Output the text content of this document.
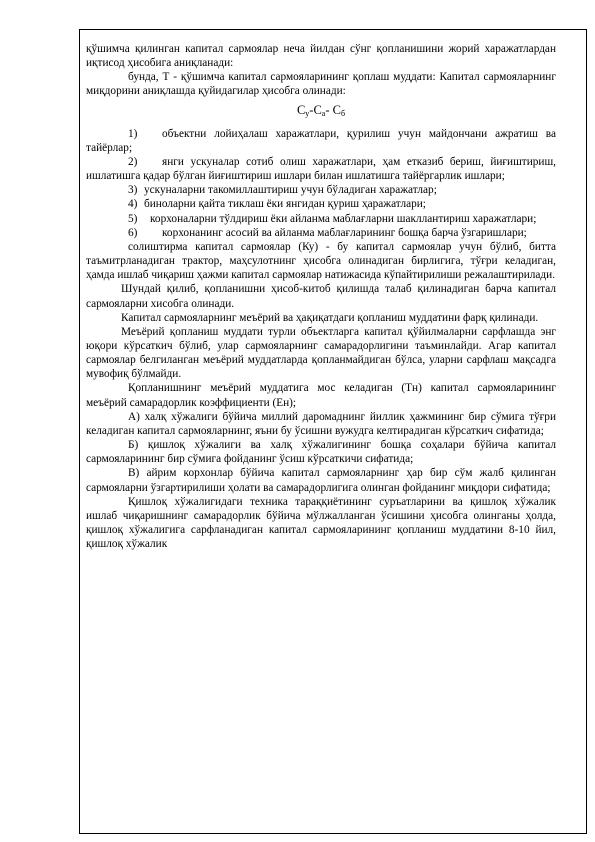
қўшимча қилинган капитал сармоялар неча йилдан сўнг қопланишини жорий харажатлардан иқтисод ҳисобига аниқланади:

бунда, Т - қўшимча капитал сармояларининг қоплаш муддати: Капитал сармояларнинг миқдорини аниқлашда қуйидагилар ҳисобга олинади:

$С_у-С_а-$ $С_б$

1) объектни лойиҳалаш харажатлари, қурилиш учун майдончани ажратиш ва тайёрлар;

2) янги ускуналар сотиб олиш харажатлари, ҳам етказиб бериш, йиғиштириш, ишлатишга қадар бўлган йиғиштириш ишлари билан ишлатишга тайёргарлик ишлари;

3) ускуналарни такомиллаштириш учун бўладиган харажатлар;

4) биноларни қайта тиклаш ёки янгидан қуриш ҳаражатлари;

5) корхоналарни тўлдириш ёки айланма маблағларни шакллантириш харажатлари;

6) корхонанинг асосий ва айланма маблағларининг бошқа барча ўзгаришлари;

солиштирма капитал сармоялар (Ку) - бу капитал сармоялар учун бўлиб, битта таъмитрланадиган трактор, маҳсулотнинг ҳисобга олинадиган бирлигига, тўғри келадиган, ҳамда ишлаб чиқариш ҳажми капитал сармоялар натижасида кўпайтирилиши режалаштирилади.

Шундай қилиб, қопланишни ҳисоб-китоб қилишда талаб қилинадиган барча капитал сармояларни хисобга олинади.

Капитал сармояларнинг меъёрий ва ҳақиқатдаги қопланиш муддатини фарқ қилинади.

Меъёрий қопланиш муддати турли объектларга капитал қўйилмаларни сарфлашда энг юқори кўрсаткич бўлиб, улар сармояларнинг самарадорлигини таъминлайди. Агар капитал сармоялар белгиланган меъёрий муддатларда қопланмайдиган бўлса, уларни сарфлаш мақсадга мувофиқ бўлмайди.

Қопланишнинг меъёрий муддатига мос келадиган (Тн) капитал сармояларининг меъёрий самарадорлик коэффициенти (Ен);

А) халқ хўжалиги бўйича миллий даромаднинг йиллик ҳажмининг бир сўмига тўғри келадиган капитал сармояларнинг, яъни бу ўсишни вужудга келтирадиган кўрсаткич сифатида;

Б) қишлоқ хўжалиги ва халқ хўжалигининг бошқа соҳалари бўйича капитал сармояларининг бир сўмига фойданинг ўсиш кўрсаткичи сифатида;

В) айрим корхонлар бўйича капитал сармояларнинг ҳар бир сўм жалб қилинган сармояларни ўзгартирилиши ҳолати ва самарадорлигига олинган фойданинг миқдори сифатида;

Қишлоқ хўжалигидаги техника тараққиётининг суръатларини ва қишлоқ хўжалик ишлаб чиқаришнинг самарадорлик бўйича мўлжалланган ўсишини ҳисобга олинганы ҳолда, қишлоқ хўжалигига сарфланадиган капитал сармояларининг қопланиш муддатини 8-10 йил, қишлоқ хўжалик
